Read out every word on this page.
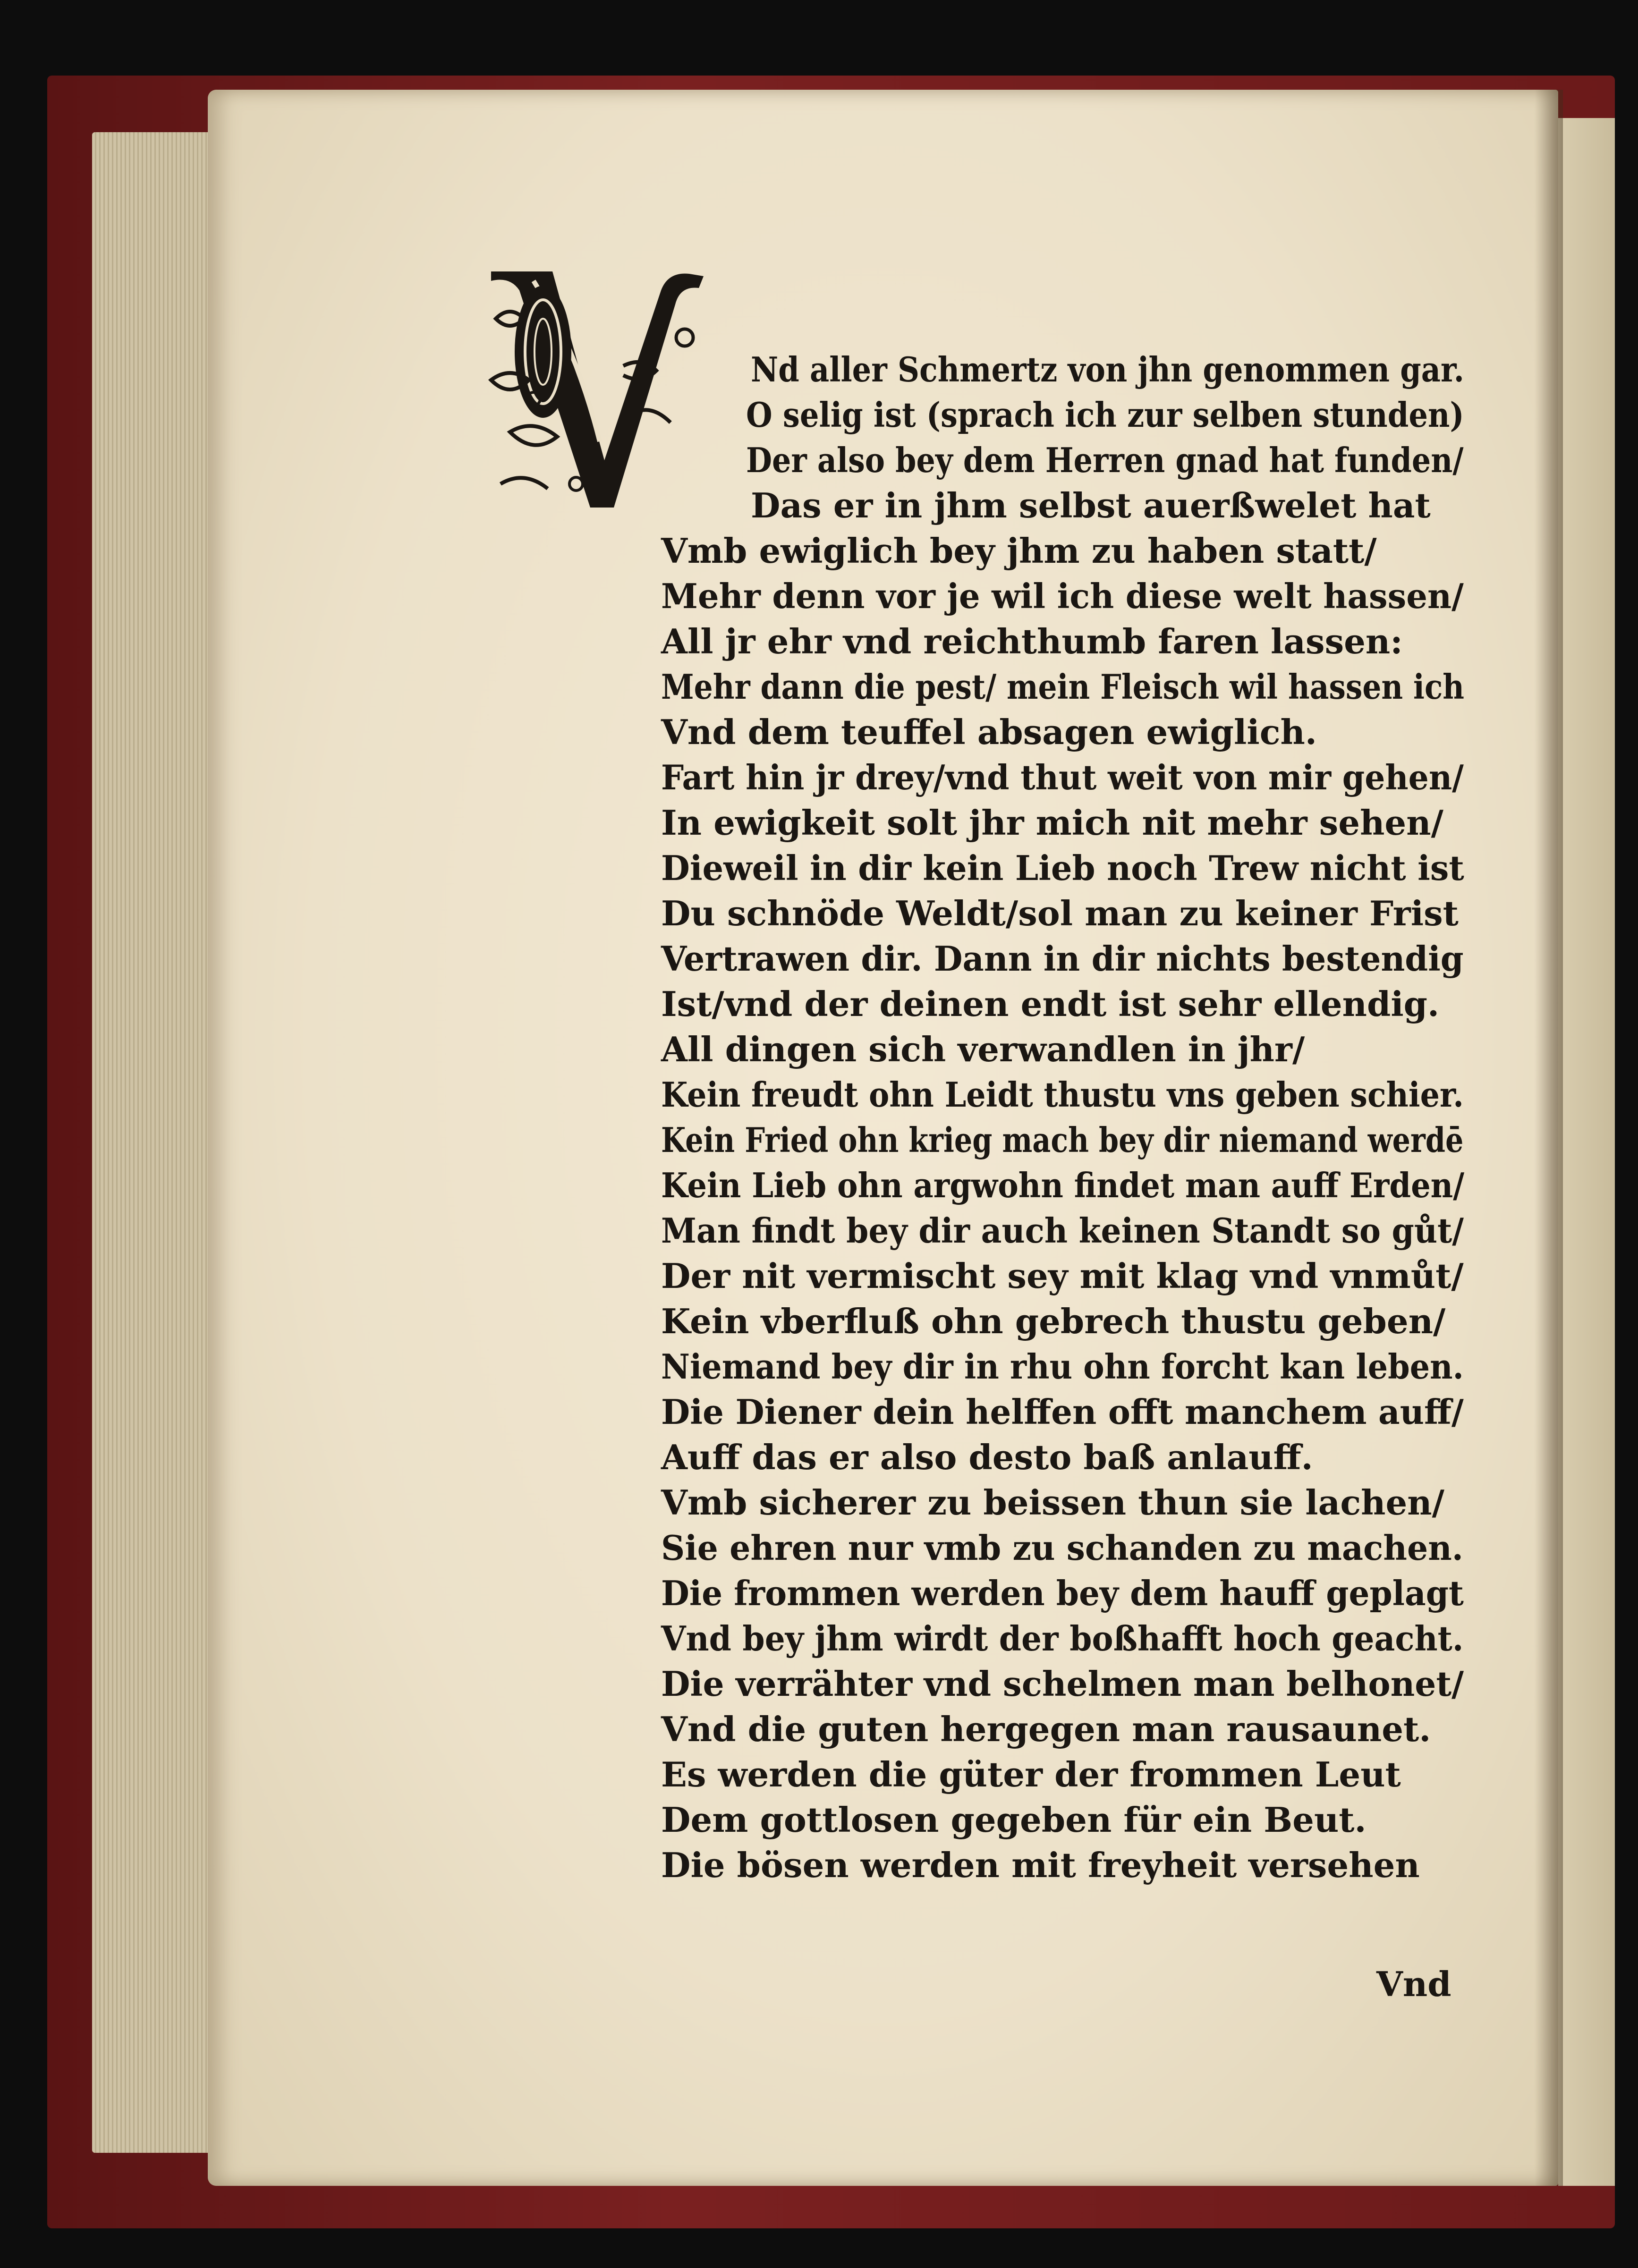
Nd aller Schmertz von jhn genommen gar.
O selig ist (sprach ich zur selben stunden)
Der also bey dem Herren gnad hat funden/
Das er in jhm selbst auerßwelet hat
Vmb ewiglich bey jhm zu haben statt/
Mehr denn vor je wil ich diese welt hassen/
All jr ehr vnd reichthumb faren lassen:
Mehr dann die pest/ mein Fleisch wil hassen ich
Vnd dem teuffel absagen ewiglich.
Fart hin jr drey/vnd thut weit von mir gehen/
In ewigkeit solt jhr mich nit mehr sehen/
Dieweil in dir kein Lieb noch Trew nicht ist
Du schnöde Weldt/sol man zu keiner Frist
Vertrawen dir. Dann in dir nichts bestendig
Ist/vnd der deinen endt ist sehr ellendig.
All dingen sich verwandlen in jhr/
Kein freudt ohn Leidt thustu vns geben schier.
Kein Fried ohn krieg mach bey dir niemand werdē
Kein Lieb ohn argwohn findet man auff Erden/
Man findt bey dir auch keinen Standt so gůt/
Der nit vermischt sey mit klag vnd vnmůt/
Kein vberfluß ohn gebrech thustu geben/
Niemand bey dir in rhu ohn forcht kan leben.
Die Diener dein helffen offt manchem auff/
Auff das er also desto baß anlauff.
Vmb sicherer zu beissen thun sie lachen/
Sie ehren nur vmb zu schanden zu machen.
Die frommen werden bey dem hauff geplagt
Vnd bey jhm wirdt der boßhafft hoch geacht.
Die verrähter vnd schelmen man belhonet/
Vnd die guten hergegen man rausaunet.
Es werden die güter der frommen Leut
Dem gottlosen gegeben für ein Beut.
Die bösen werden mit freyheit versehen
Vnd
